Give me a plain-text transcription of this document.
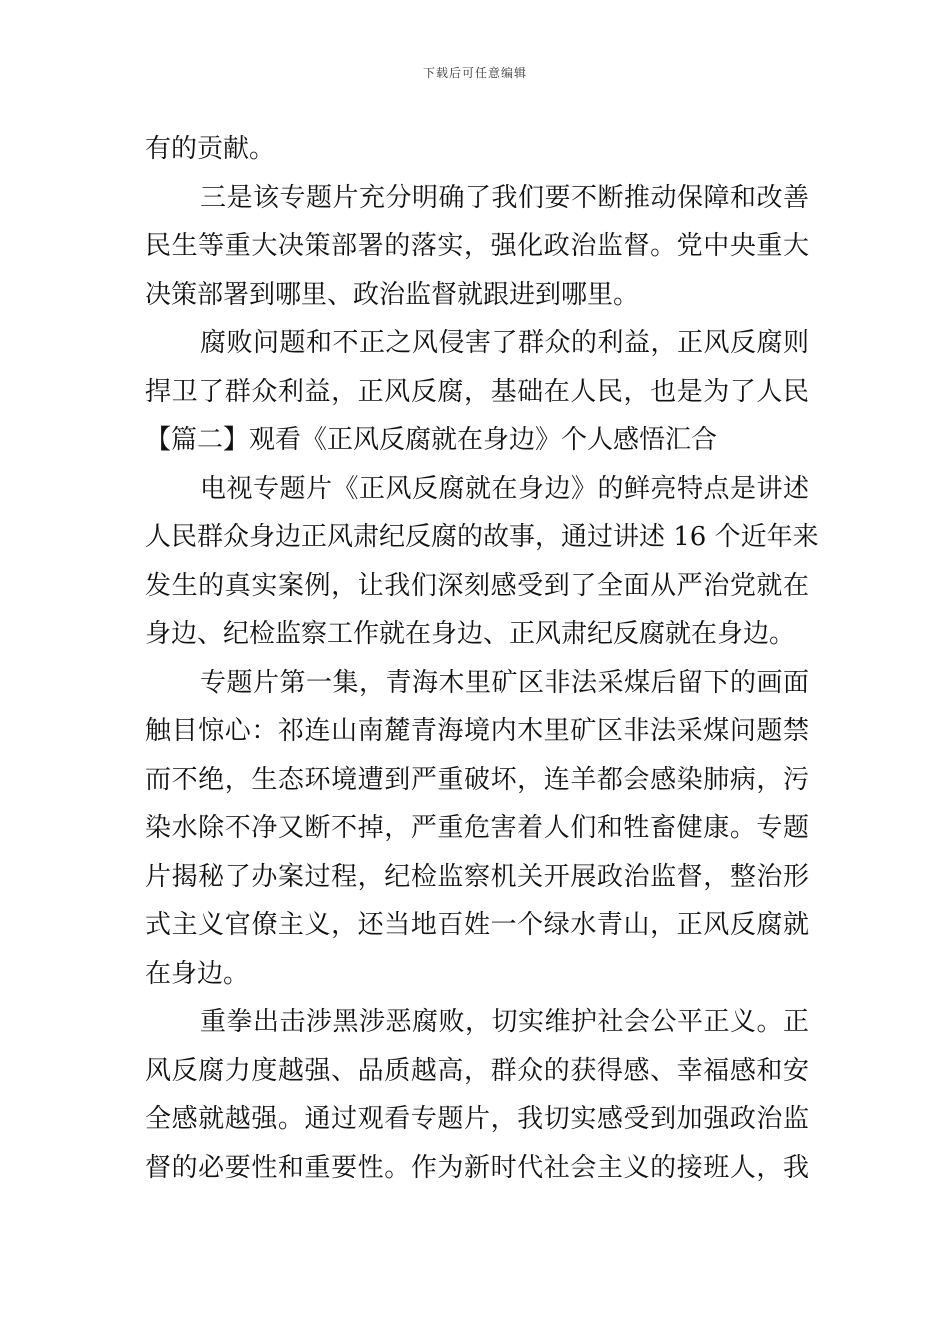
下载后可任意编辑
有的贡献。
三是该专题片充分明确了我们要不断推动保障和改善
民生等重大决策部署的落实，强化政治监督。党中央重大
决策部署到哪里、政治监督就跟进到哪里。
腐败问题和不正之风侵害了群众的利益，正风反腐则
捍卫了群众利益，正风反腐，基础在人民，也是为了人民
【篇二】观看《正风反腐就在身边》个人感悟汇合
电视专题片《正风反腐就在身边》的鲜亮特点是讲述
人民群众身边正风肃纪反腐的故事，通过讲述 16 个近年来
发生的真实案例，让我们深刻感受到了全面从严治党就在
身边、纪检监察工作就在身边、正风肃纪反腐就在身边。
专题片第一集，青海木里矿区非法采煤后留下的画面
触目惊心：祁连山南麓青海境内木里矿区非法采煤问题禁
而不绝，生态环境遭到严重破坏，连羊都会感染肺病，污
染水除不净又断不掉，严重危害着人们和牲畜健康。专题
片揭秘了办案过程，纪检监察机关开展政治监督，整治形
式主义官僚主义，还当地百姓一个绿水青山，正风反腐就
在身边。
重拳出击涉黑涉恶腐败，切实维护社会公平正义。正
风反腐力度越强、品质越高，群众的获得感、幸福感和安
全感就越强。通过观看专题片，我切实感受到加强政治监
督的必要性和重要性。作为新时代社会主义的接班人，我
